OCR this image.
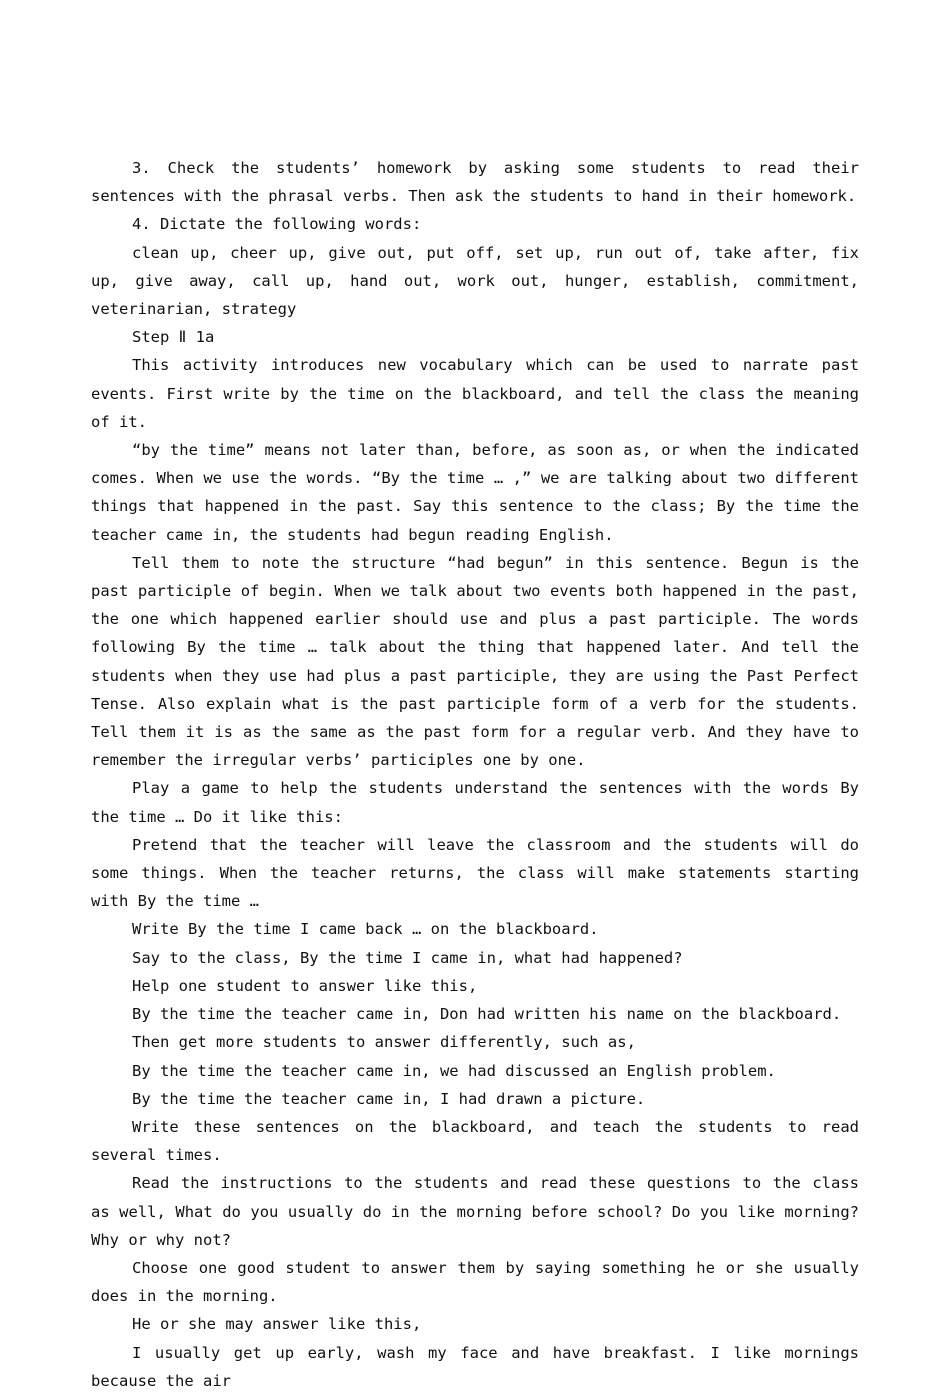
3. Check the students’ homework by asking some students to read their sentences with the phrasal verbs. Then ask the students to hand in their homework.

4. Dictate the following words:

clean up, cheer up, give out, put off, set up, run out of, take after, fix up, give away, call up, hand out, work out, hunger, establish, commitment, veterinarian, strategy

Step Ⅱ 1a

This activity introduces new vocabulary which can be used to narrate past events. First write by the time on the blackboard, and tell the class the meaning of it.

“by the time” means not later than, before, as soon as, or when the indicated comes. When we use the words. “By the time … ,” we are talking about two different things that happened in the past. Say this sentence to the class; By the time the teacher came in, the students had begun reading English.

Tell them to note the structure “had begun” in this sentence. Begun is the past participle of begin. When we talk about two events both happened in the past, the one which happened earlier should use and plus a past participle. The words following By the time … talk about the thing that happened later. And tell the students when they use had plus a past participle, they are using the Past Perfect Tense. Also explain what is the past participle form of a verb for the students. Tell them it is as the same as the past form for a regular verb. And they have to remember the irregular verbs’ participles one by one.

Play a game to help the students understand the sentences with the words By the time … Do it like this:

Pretend that the teacher will leave the classroom and the students will do some things. When the teacher returns, the class will make statements starting with By the time …

Write By the time I came back … on the blackboard.

Say to the class, By the time I came in, what had happened?

Help one student to answer like this,

By the time the teacher came in, Don had written his name on the blackboard.

Then get more students to answer differently, such as,

By the time the teacher came in, we had discussed an English problem.

By the time the teacher came in, I had drawn a picture.

Write these sentences on the blackboard, and teach the students to read several times.

Read the instructions to the students and read these questions to the class as well, What do you usually do in the morning before school? Do you like morning? Why or why not?

Choose one good student to answer them by saying something he or she usually does in the morning.

He or she may answer like this,

I usually get up early, wash my face and have breakfast. I like mornings because the air
